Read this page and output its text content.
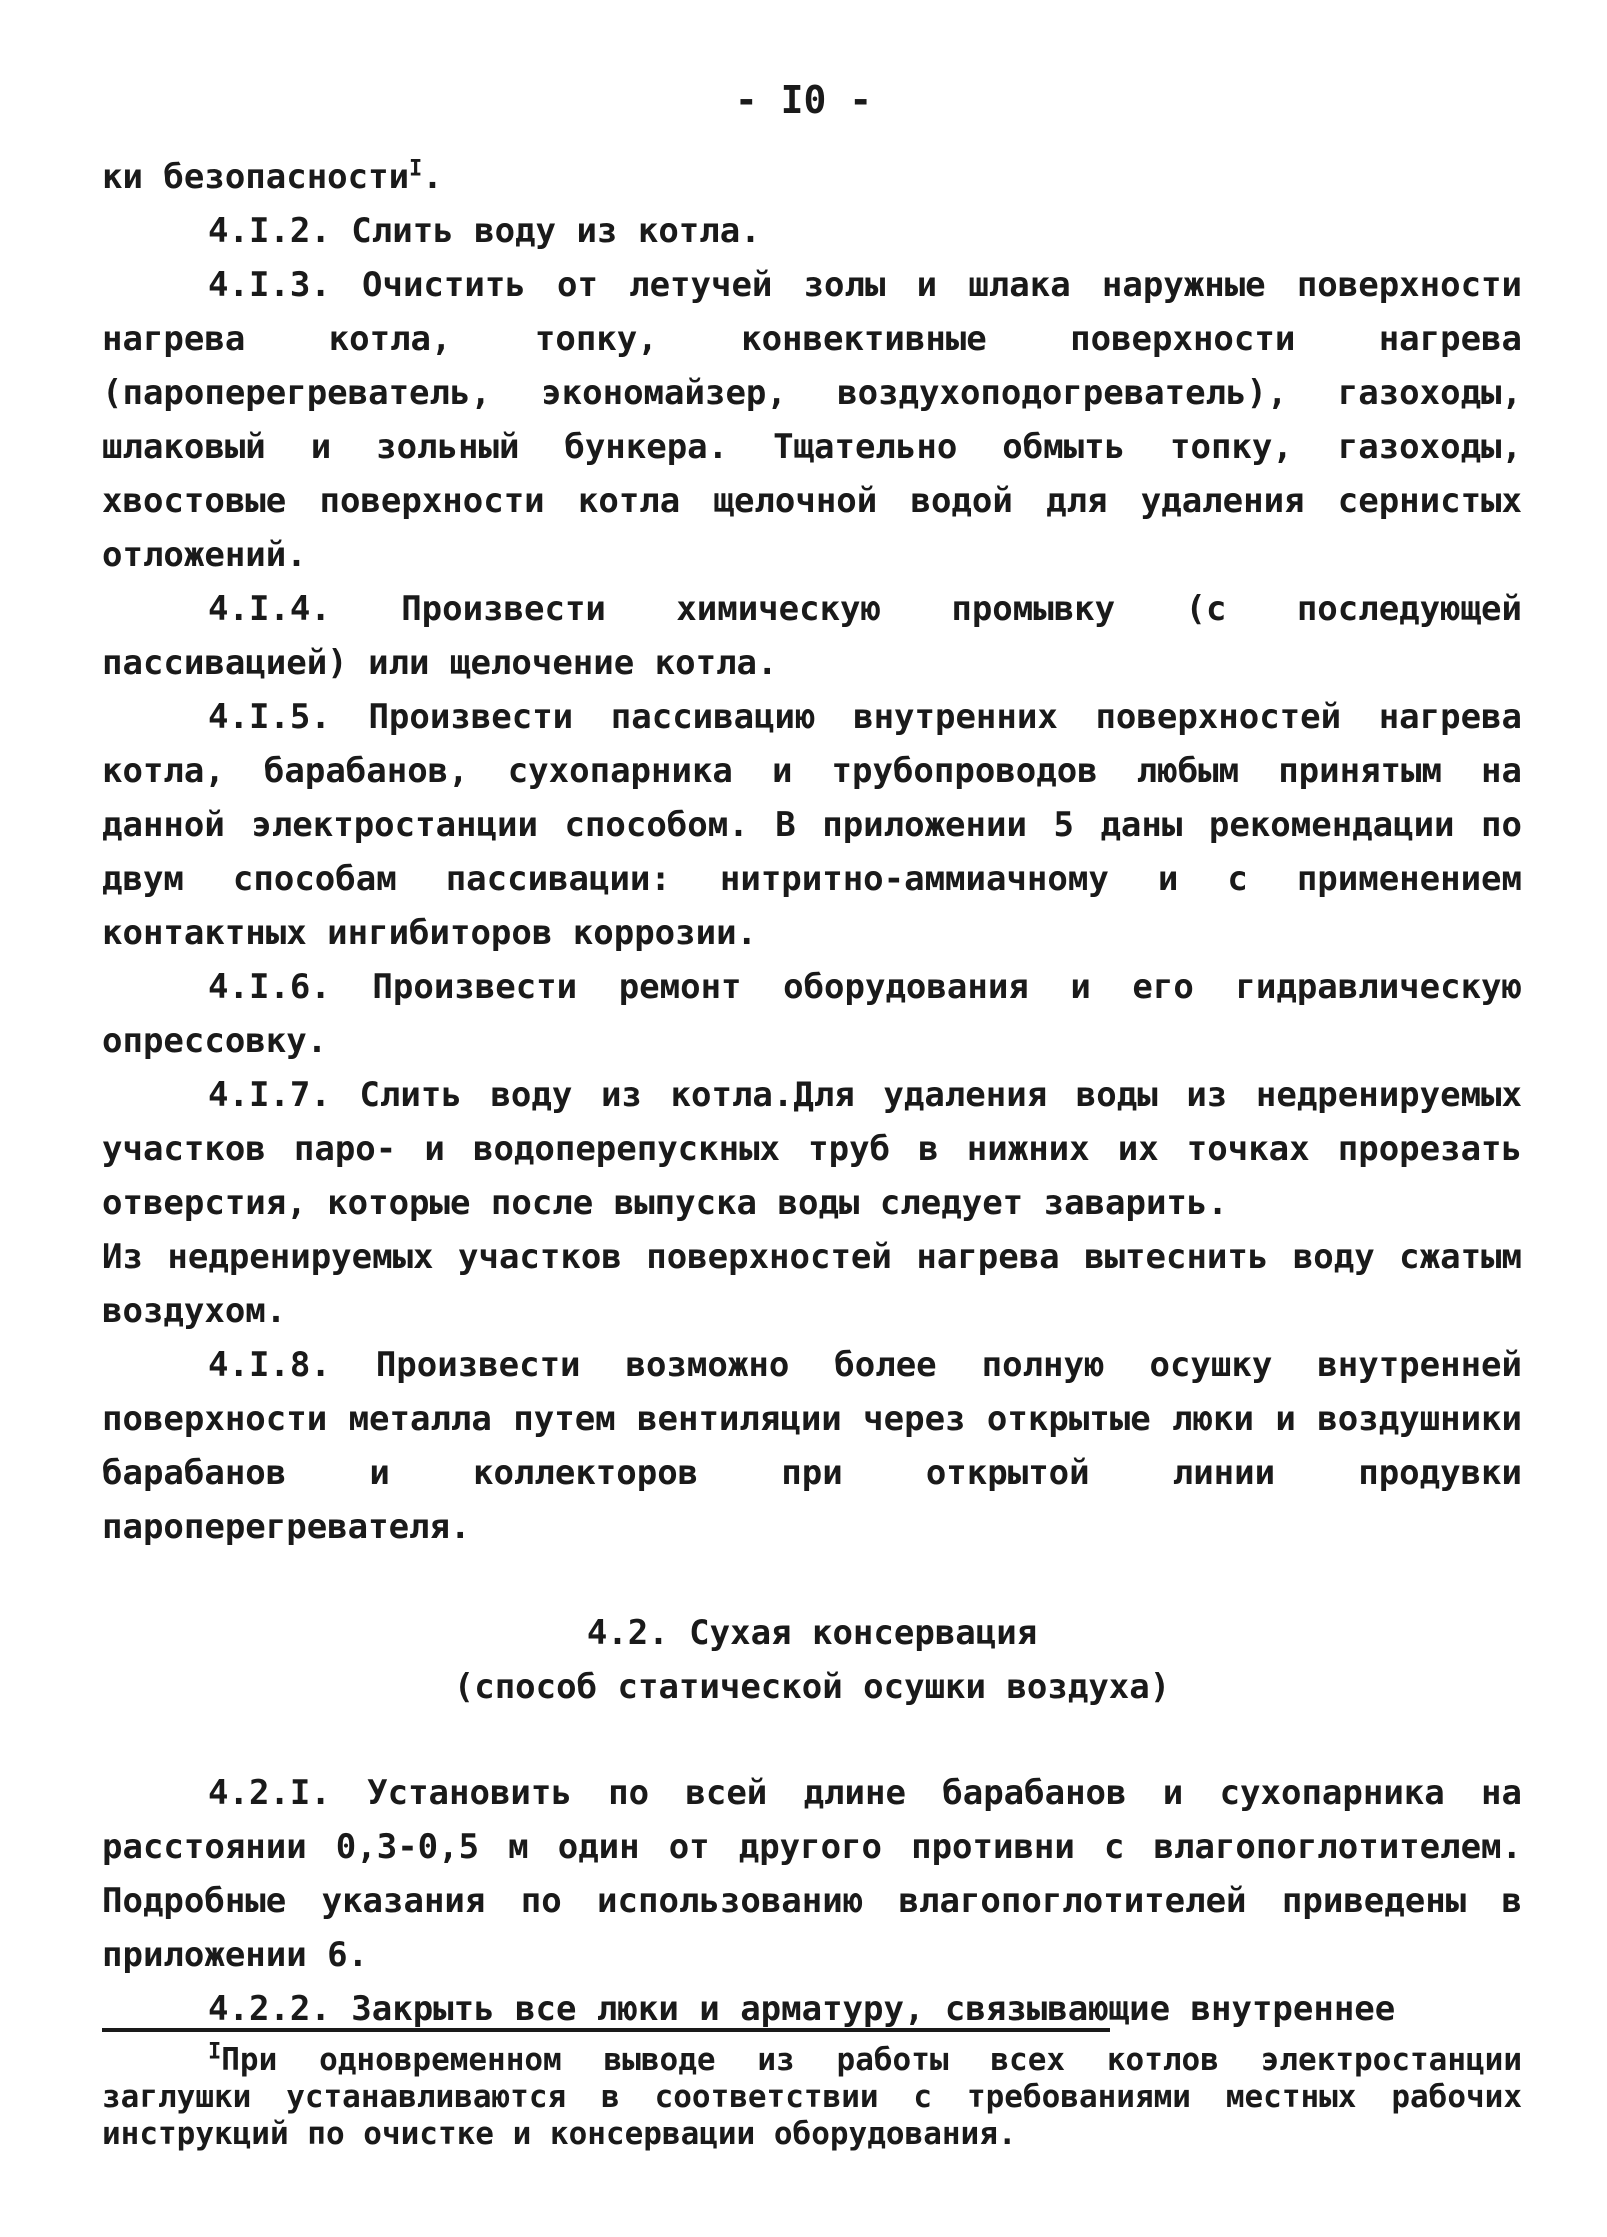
- I0 -

ки безопасности$^I$.

4.I.2. Слить воду из котла.

4.I.3. Очистить от летучей золы и шлака наружные поверхности нагрева котла, топку, конвективные поверхности нагрева (пароперегреватель, экономайзер, воздухоподогреватель), газоходы, шлаковый и зольный бункера. Тщательно обмыть топку, газоходы, хвостовые поверхности котла щелочной водой для удаления сернистых отложений.

4.I.4. Произвести химическую промывку (с последующей пассивацией) или щелочение котла.

4.I.5. Произвести пассивацию внутренних поверхностей нагрева котла, барабанов, сухопарника и трубопроводов любым принятым на данной электростанции способом. В приложении 5 даны рекомендации по двум способам пассивации: нитритно-аммиачному и с применением контактных ингибиторов коррозии.

4.I.6. Произвести ремонт оборудования и его гидравлическую опрессовку.

4.I.7. Слить воду из котла.Для удаления воды из недренируемых участков паро- и водоперепускных труб в нижних их точках прорезать отверстия, которые после выпуска воды следует заварить.

Из недренируемых участков поверхностей нагрева вытеснить воду сжатым воздухом.

4.I.8. Произвести возможно более полную осушку внутренней поверхности металла путем вентиляции через открытые люки и воздушники барабанов и коллекторов при открытой линии продувки пароперегревателя.

4.2. Сухая консервация

(способ статической осушки воздуха)

4.2.I. Установить по всей длине барабанов и сухопарника на расстоянии 0,3-0,5 м один от другого противни с влагопоглотителем. Подробные указания по использованию влагопоглотителей приведены в приложении 6.

4.2.2. Закрыть все люки и арматуру, связывающие внутреннее

$^I$При одновременном выводе из работы всех котлов электростанции заглушки устанавливаются в соответствии с требованиями местных рабочих инструкций по очистке и консервации оборудования.
